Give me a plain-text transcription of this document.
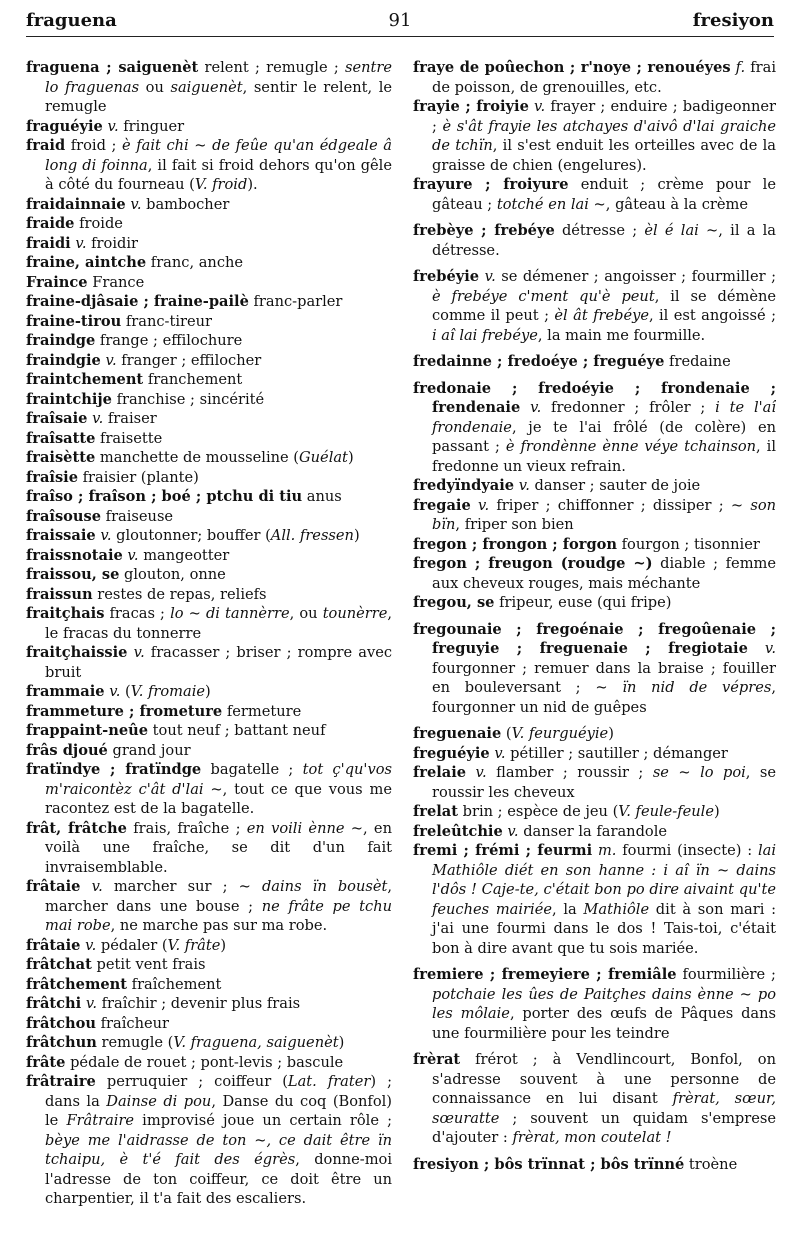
fraguena	91	fresiyon

fraguena ; saiguenèt relent ; remugle ; sentre lo fraguenas ou saiguenèt, sentir le relent, le remugle

fraguéyie v. fringuer

fraid froid ; è fait chi ~ de feûe qu'an édgeale â long di foinna, il fait si froid dehors qu'on gêle à côté du fourneau (V. froid).

fraidainnaie v. bambocher

fraide froide

fraidi v. froidir

fraine, aintche franc, anche

Fraince France

fraine-djâsaie ; fraine-pailè franc-parler

fraine-tirou franc-tireur

fraindge frange ; effilochure

fraindgie v. franger ; effilocher

fraintchement franchement

fraintchije franchise ; sincérité

fraîsaie v. fraiser

fraîsatte fraisette

fraisètte manchette de mousseline (Guélat)

fraîsie fraisier (plante)

fraîso ; fraîson ; boé ; ptchu di tiu anus

fraîsouse fraiseuse

fraissaie v. gloutonner; bouffer (All. fressen)

fraissnotaie v. mangeotter

fraissou, se glouton, onne

fraissun restes de repas, reliefs

fraitçhais fracas ; lo ~ di tannèrre, ou tounèrre, le fracas du tonnerre

fraitçhaissie v. fracasser ; briser ; rompre avec bruit

frammaie v. (V. fromaie)

frammeture ; frometure fermeture

frappaint-neûe tout neuf ; battant neuf

frâs djoué grand jour

fratïndye ; fratïndge bagatelle ; tot ç'qu'vos m'raicontèz c'ât d'lai ~, tout ce que vous me racontez est de la bagatelle.

frât, frâtche frais, fraîche ; en voili ènne ~, en voilà une fraîche, se dit d'un fait invraisemblable.

frâtaie v. marcher sur ; ~ dains ïn bousèt, marcher dans une bouse ; ne frâte pe tchu mai robe, ne marche pas sur ma robe.

frâtaie v. pédaler (V. frâte)

frâtchat petit vent frais

frâtchement fraîchement

frâtchi v. fraîchir ; devenir plus frais

frâtchou fraîcheur

frâtchun remugle (V. fraguena, saiguenèt)

frâte pédale de rouet ; pont-levis ; bascule

frâtraire perruquier ; coiffeur (Lat. frater) ; dans la Dainse di pou, Danse du coq (Bonfol) le Frâtraire improvisé joue un certain rôle ; bèye me l'aidrasse de ton ~, ce dait être ïn tchaipu, è t'é fait des égrès, donne-moi l'adresse de ton coiffeur, ce doit être un charpentier, il t'a fait des escaliers.

fraye de poûechon ; r'noye ; renouéyes f. frai de poisson, de grenouilles, etc.

frayie ; froiyie v. frayer ; enduire ; badigeonner ; è s'ât frayie les atchayes d'aivô d'lai graiche de tchïn, il s'est enduit les orteilles avec de la graisse de chien (engelures).

frayure ; froiyure enduit ; crème pour le gâteau ; totché en lai ~, gâteau à la crème

frebèye ; frebéye détresse ; èl é lai ~, il a la détresse.

frebéyie v. se démener ; angoisser ; fourmiller ; è frebéye c'ment qu'è peut, il se démène comme il peut ; èl ât frebéye, il est angoissé ; i aî lai frebéye, la main me fourmille.

fredainne ; fredoéye ; freguéye fredaine

fredonaie ; fredoéyie ; frondenaie ; frendenaie v. fredonner ; frôler ; i te l'aî frondenaie, je te l'ai frôlé (de colère) en passant ; è frondènne ènne véye tchainson, il fredonne un vieux refrain.

fredyïndyaie v. danser ; sauter de joie

fregaie v. friper ; chiffonner ; dissiper ; ~ son bïn, friper son bien

fregon ; frongon ; forgon fourgon ; tisonnier

fregon ; freugon (roudge ~) diable ; femme aux cheveux rouges, mais méchante

fregou, se fripeur, euse (qui fripe)

fregounaie ; fregoénaie ; fregoûenaie ; freguyie ; freguenaie ; fregiotaie v. fourgonner ; remuer dans la braise ; fouiller en bouleversant ; ~ ïn nid de vépres, fourgonner un nid de guêpes

freguenaie (V. feurguéyie)

freguéyie v. pétiller ; sautiller ; démanger

frelaie v. flamber ; roussir ; se ~ lo poi, se roussir les cheveux

frelat brin ; espèce de jeu (V. feule-feule)

freleûtchie v. danser la farandole

fremi ; frémi ; feurmi m. fourmi (insecte) : lai Mathiôle diét en son hanne : i aî ïn ~ dains l'dôs ! Caje-te, c'était bon po dire aivaint qu'te feuches mairiée, la Mathiôle dit à son mari : j'ai une fourmi dans le dos ! Tais-toi, c'était bon à dire avant que tu sois mariée.

fremiere ; fremeyiere ; fremiâle fourmilière ; potchaie les ûes de Paitçhes dains ènne ~ po les môlaie, porter des œufs de Pâques dans une fourmilière pour les teindre

frèrat frérot ; à Vendlincourt, Bonfol, on s'adresse souvent à une personne de connaissance en lui disant frèrat, sœur, sœuratte ; souvent un quidam s'emprese d'ajouter : frèrat, mon coutelat !

fresiyon ; bôs trïnnat ; bôs trïnné troène
